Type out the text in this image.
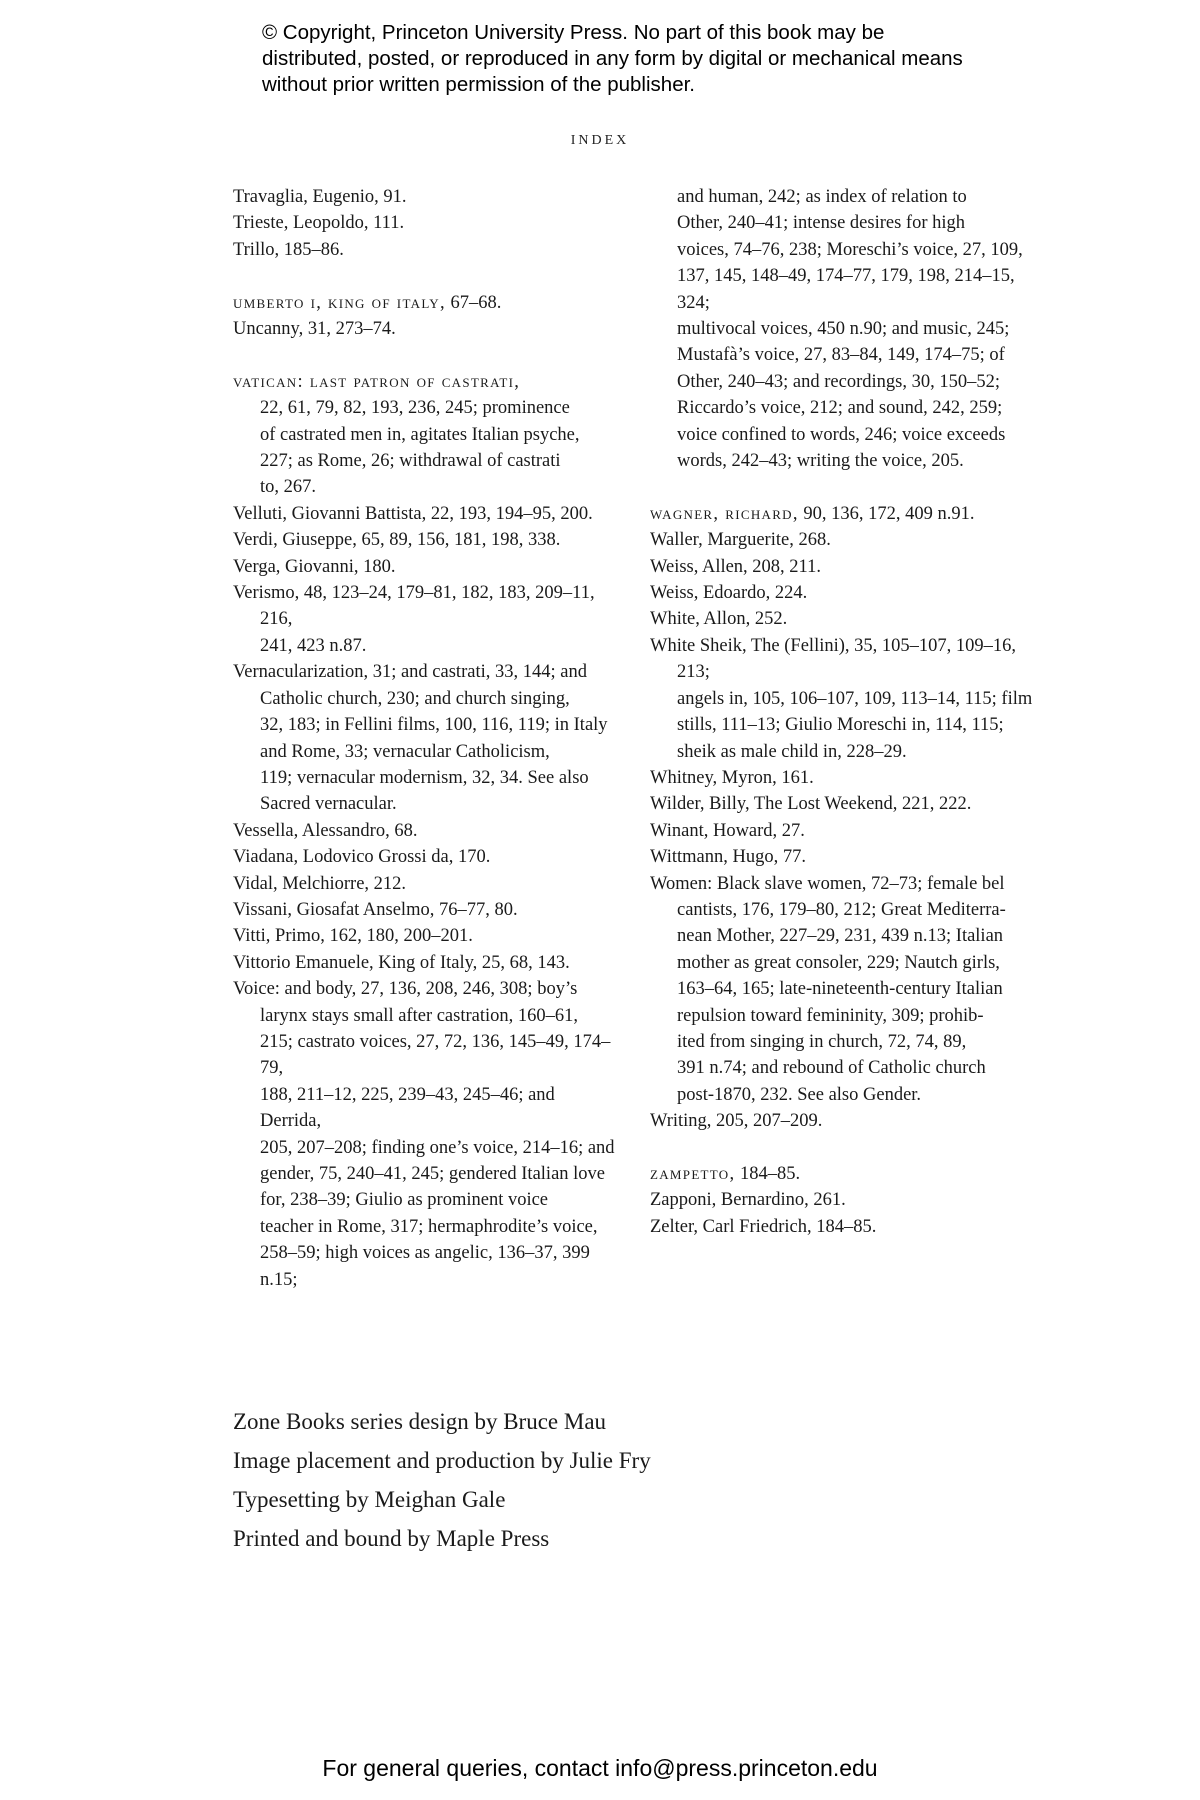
© Copyright, Princeton University Press. No part of this book may be distributed, posted, or reproduced in any form by digital or mechanical means without prior written permission of the publisher.
INDEX
Travaglia, Eugenio, 91.
Trieste, Leopoldo, 111.
Trillo, 185–86.
umberto i, king of italy, 67–68.
Uncanny, 31, 273–74.
vatican: last patron of castrati,
22, 61, 79, 82, 193, 236, 245; prominence
of castrated men in, agitates Italian psyche,
227; as Rome, 26; withdrawal of castrati
to, 267.
Velluti, Giovanni Battista, 22, 193, 194–95, 200.
Verdi, Giuseppe, 65, 89, 156, 181, 198, 338.
Verga, Giovanni, 180.
Verismo, 48, 123–24, 179–81, 182, 183, 209–11, 216,
241, 423 n.87.
Vernacularization, 31; and castrati, 33, 144; and
Catholic church, 230; and church singing,
32, 183; in Fellini films, 100, 116, 119; in Italy
and Rome, 33; vernacular Catholicism,
119; vernacular modernism, 32, 34. See also
Sacred vernacular.
Vessella, Alessandro, 68.
Viadana, Lodovico Grossi da, 170.
Vidal, Melchiorre, 212.
Vissani, Giosafat Anselmo, 76–77, 80.
Vitti, Primo, 162, 180, 200–201.
Vittorio Emanuele, King of Italy, 25, 68, 143.
Voice: and body, 27, 136, 208, 246, 308; boy’s
larynx stays small after castration, 160–61,
215; castrato voices, 27, 72, 136, 145–49, 174–79,
188, 211–12, 225, 239–43, 245–46; and Derrida,
205, 207–208; finding one’s voice, 214–16; and
gender, 75, 240–41, 245; gendered Italian love
for, 238–39; Giulio as prominent voice
teacher in Rome, 317; hermaphrodite’s voice,
258–59; high voices as angelic, 136–37, 399 n.15;
and human, 242; as index of relation to
Other, 240–41; intense desires for high
voices, 74–76, 238; Moreschi’s voice, 27, 109,
137, 145, 148–49, 174–77, 179, 198, 214–15, 324;
multivocal voices, 450 n.90; and music, 245;
Mustafà’s voice, 27, 83–84, 149, 174–75; of
Other, 240–43; and recordings, 30, 150–52;
Riccardo’s voice, 212; and sound, 242, 259;
voice confined to words, 246; voice exceeds
words, 242–43; writing the voice, 205.
wagner, richard, 90, 136, 172, 409 n.91.
Waller, Marguerite, 268.
Weiss, Allen, 208, 211.
Weiss, Edoardo, 224.
White, Allon, 252.
White Sheik, The (Fellini), 35, 105–107, 109–16, 213;
angels in, 105, 106–107, 109, 113–14, 115; film
stills, 111–13; Giulio Moreschi in, 114, 115;
sheik as male child in, 228–29.
Whitney, Myron, 161.
Wilder, Billy, The Lost Weekend, 221, 222.
Winant, Howard, 27.
Wittmann, Hugo, 77.
Women: Black slave women, 72–73; female bel
cantists, 176, 179–80, 212; Great Mediterra-
nean Mother, 227–29, 231, 439 n.13; Italian
mother as great consoler, 229; Nautch girls,
163–64, 165; late-nineteenth-century Italian
repulsion toward femininity, 309; prohib-
ited from singing in church, 72, 74, 89,
391 n.74; and rebound of Catholic church
post-1870, 232. See also Gender.
Writing, 205, 207–209.
zampetto, 184–85.
Zapponi, Bernardino, 261.
Zelter, Carl Friedrich, 184–85.
Zone Books series design by Bruce Mau
Image placement and production by Julie Fry
Typesetting by Meighan Gale
Printed and bound by Maple Press
For general queries, contact info@press.princeton.edu
